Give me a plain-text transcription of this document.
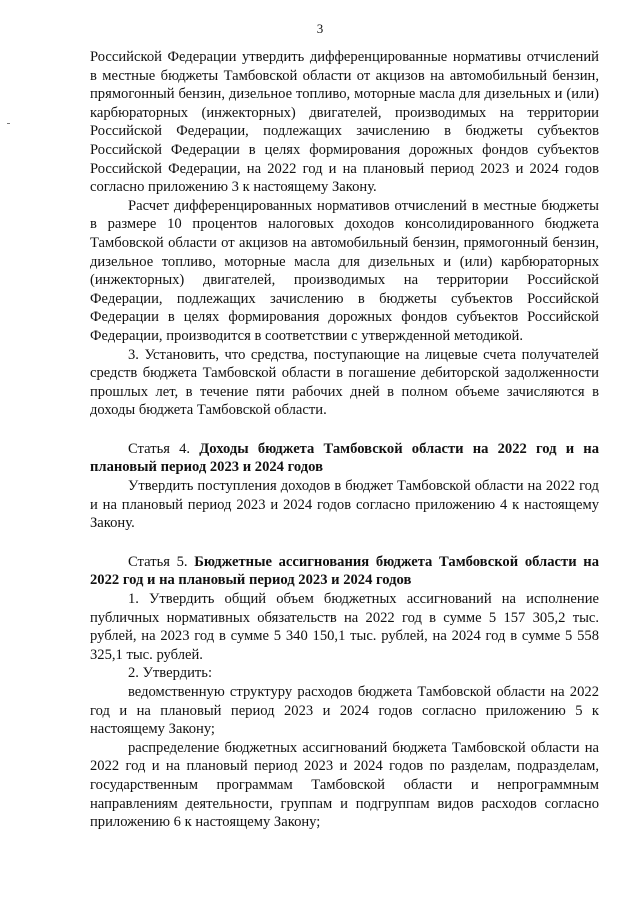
3

Российской Федерации утвердить дифференцированные нормативы отчислений в местные бюджеты Тамбовской области от акцизов на автомобильный бензин, прямогонный бензин, дизельное топливо, моторные масла для дизельных и (или) карбюраторных (инжекторных) двигателей, производимых на территории Российской Федерации, подлежащих зачислению в бюджеты субъектов Российской Федерации в целях формирования дорожных фондов субъектов Российской Федерации, на 2022 год и на плановый период 2023 и 2024 годов согласно приложению 3 к настоящему Закону.

Расчет дифференцированных нормативов отчислений в местные бюджеты в размере 10 процентов налоговых доходов консолидированного бюджета Тамбовской области от акцизов на автомобильный бензин, прямогонный бензин, дизельное топливо, моторные масла для дизельных и (или) карбюраторных (инжекторных) двигателей, производимых на территории Российской Федерации, подлежащих зачислению в бюджеты субъектов Российской Федерации в целях формирования дорожных фондов субъектов Российской Федерации, производится в соответствии с утвержденной методикой.

3. Установить, что средства, поступающие на лицевые счета получателей средств бюджета Тамбовской области в погашение дебиторской задолженности прошлых лет, в течение пяти рабочих дней в полном объеме зачисляются в доходы бюджета Тамбовской области.

Статья 4. Доходы бюджета Тамбовской области на 2022 год и на плановый период 2023 и 2024 годов

Утвердить поступления доходов в бюджет Тамбовской области на 2022 год и на плановый период 2023 и 2024 годов согласно приложению 4 к настоящему Закону.

Статья 5. Бюджетные ассигнования бюджета Тамбовской области на 2022 год и на плановый период 2023 и 2024 годов

1. Утвердить общий объем бюджетных ассигнований на исполнение публичных нормативных обязательств на 2022 год в сумме 5 157 305,2 тыс. рублей, на 2023 год в сумме 5 340 150,1 тыс. рублей, на 2024 год в сумме 5 558 325,1 тыс. рублей.

2. Утвердить:

ведомственную структуру расходов бюджета Тамбовской области на 2022 год и на плановый период 2023 и 2024 годов согласно приложению 5 к настоящему Закону;

распределение бюджетных ассигнований бюджета Тамбовской области на 2022 год и на плановый период 2023 и 2024 годов по разделам, подразделам, государственным программам Тамбовской области и непрограммным направлениям деятельности, группам и подгруппам видов расходов согласно приложению 6 к настоящему Закону;
